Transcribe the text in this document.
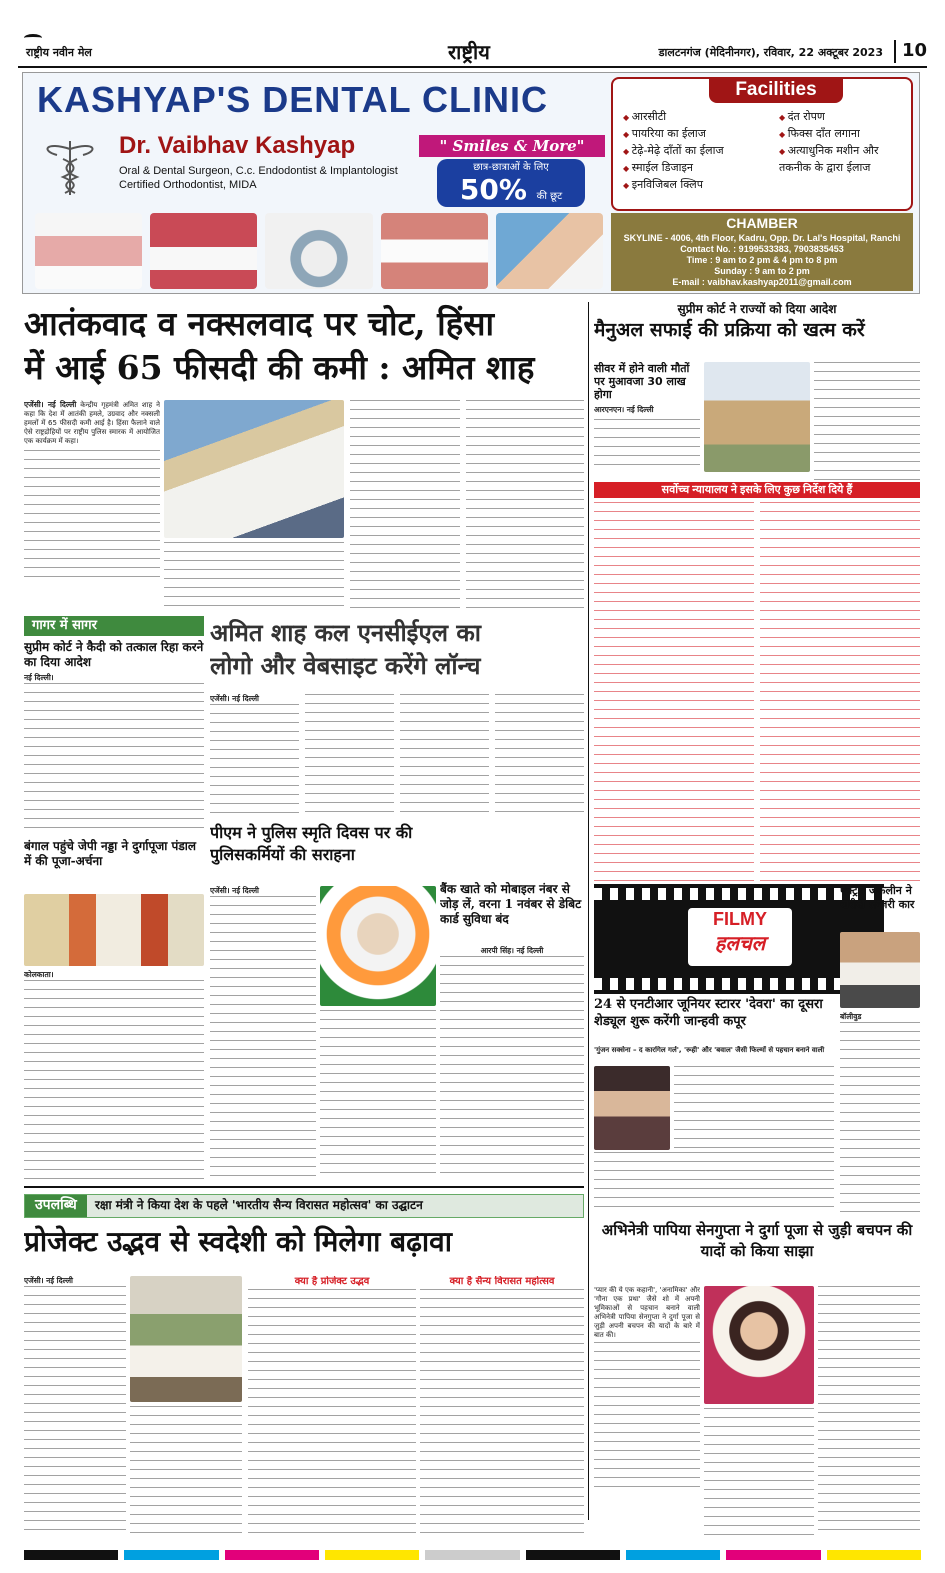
राष्ट्रीय नवीन मेल	राष्ट्रीय	डालटनगंज (मेदिनीनगर), रविवार, 22 अक्टूबर 2023	10
KASHYAP'S DENTAL CLINIC
Dr. Vaibhav Kashyap
Oral & Dental Surgeon, C.c. Endodontist & Implantologist Certified Orthodontist, MIDA
" Smiles & More"
छात्र-छात्राओं के लिए
50% की छूट
Facilities
◆ आरसीटी
◆ पायरिया का ईलाज
◆ टेढ़े-मेढ़े दाँतों का ईलाज
◆ स्माईल डिजाइन
◆ इनविजिबल क्लिप
◆ दंत रोपण
◆ फिक्स दाँत लगाना
◆ अत्याधुनिक मशीन और तकनीक के द्वारा ईलाज
CHAMBER
SKYLINE - 4006, 4th Floor, Kadru, Opp. Dr. Lal's Hospital, Ranchi
Contact No. : 9199533383, 7903835453
Time : 9 am to 2 pm & 4 pm to 8 pm
Sunday : 9 am to 2 pm
E-mail : vaibhav.kashyap2011@gmail.com
आतंकवाद व नक्सलवाद पर चोट, हिंसा
में आई 65 फीसदी की कमी : अमित शाह
एजेंसी। नई दिल्ली केन्द्रीय गृहमंत्री अमित शाह ने कहा कि देश में आतंकी हमले, उग्रवाद और नक्सली हमलों में 65 फीसदी कमी आई है। हिंसा फैलाने वाले ऐसे राष्ट्रद्रोहियों पर राष्ट्रीय पुलिस स्मारक में आयोजित एक कार्यक्रम में कहा।
सुप्रीम कोर्ट ने राज्यों को दिया आदेश
मैनुअल सफाई की प्रक्रिया को खत्म करें
सीवर में होने वाली मौतों पर मुआवजा 30 लाख होगा
आरएनएन। नई दिल्ली
सर्वोच्च न्यायालय ने इसके लिए कुछ निर्देश दिये हैं
गागर में सागर
सुप्रीम कोर्ट ने कैदी को तत्काल रिहा करने का दिया आदेश
नई दिल्ली।
बंगाल पहुंचे जेपी नड्डा ने दुर्गापूजा पंडाल में की पूजा-अर्चना
कोलकाता।
अमित शाह कल एनसीईएल का
लोगो और वेबसाइट करेंगे लॉन्च
एजेंसी। नई दिल्ली
पीएम ने पुलिस स्मृति दिवस पर की पुलिसकर्मियों की सराहना
एजेंसी। नई दिल्ली	बैंक खाते को मोबाइल नंबर से जोड़ लें, वरना 1 नवंबर से डेबिट कार्ड सुविधा बंद
आरपी सिंह। नई दिल्ली
FILMY
हलचल
24 से एनटीआर जूनियर स्टारर 'देवरा' का दूसरा शेड्यूल शुरू करेंगी जान्हवी कपूर
'गुंजन सक्सेना – द कारगिल गर्ल', 'रूही' और 'बवाल' जैसी फिल्मों से पहचान बनाने वाली
एक्ट्रेस जैकलीन ने खरीदी लग्जरी कार
बॉलीवुड
उपलब्धि रक्षा मंत्री ने किया देश के पहले 'भारतीय सैन्य विरासत महोत्सव' का उद्घाटन
प्रोजेक्ट उद्भव से स्वदेशी को मिलेगा बढ़ावा
एजेंसी। नई दिल्ली	क्या है प्रोजेक्ट उद्भव	क्या है सैन्य विरासत महोत्सव
अभिनेत्री पापिया सेनगुप्ता ने दुर्गा पूजा से जुड़ी बचपन की यादों को किया साझा
'प्यार की ये एक कहानी', 'अनामिका' और 'गौना एक प्रथा' जैसे शो में अपनी भूमिकाओं से पहचान बनाने वाली अभिनेत्री पापिया सेनगुप्ता ने दुर्गा पूजा से जुड़ी अपनी बचपन की यादों के बारे में बात की।
